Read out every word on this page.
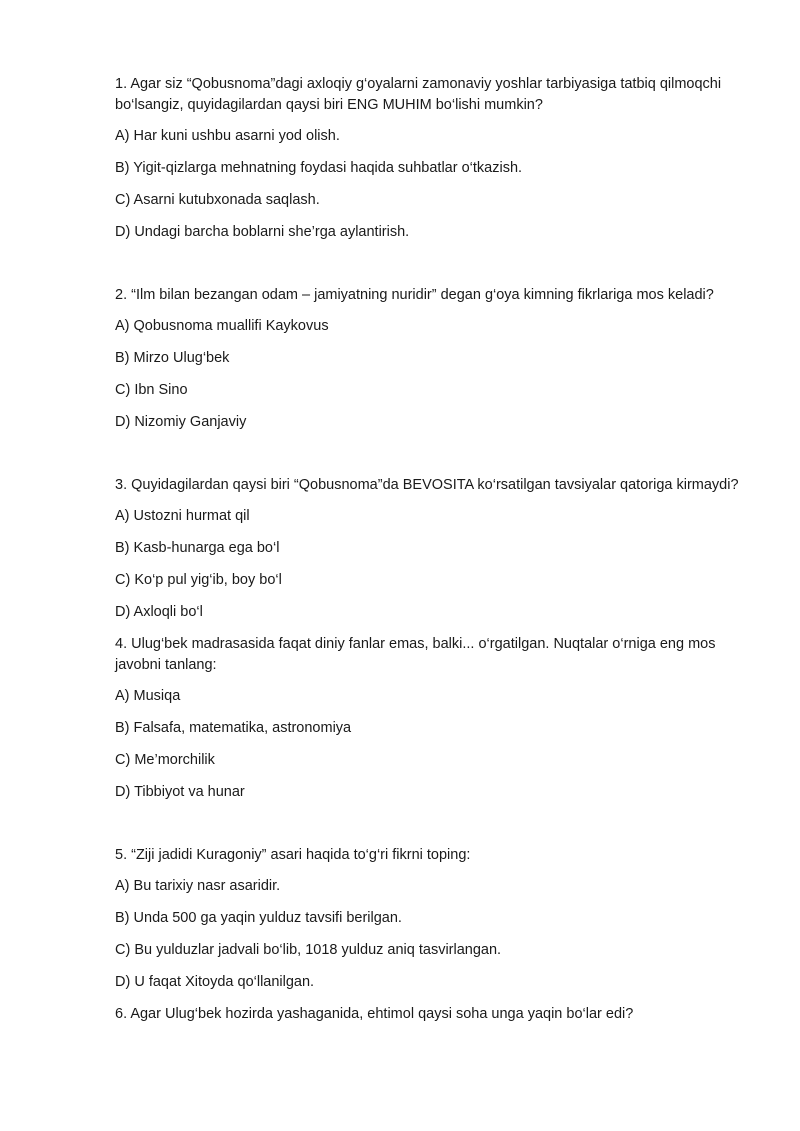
1. Agar siz “Qobusnoma”dagi axloqiy g‘oyalarni zamonaviy yoshlar tarbiyasiga tatbiq qilmoqchi bo‘lsangiz, quyidagilardan qaysi biri ENG MUHIM bo‘lishi mumkin?

A) Har kuni ushbu asarni yod olish.

B) Yigit-qizlarga mehnatning foydasi haqida suhbatlar o‘tkazish.

C) Asarni kutubxonada saqlash.

D) Undagi barcha boblarni she’rga aylantirish.

2. “Ilm bilan bezangan odam – jamiyatning nuridir” degan g‘oya kimning fikrlariga mos keladi?

A) Qobusnoma muallifi Kaykovus

B) Mirzo Ulug‘bek

C) Ibn Sino

D) Nizomiy Ganjaviy

3. Quyidagilardan qaysi biri “Qobusnoma”da BEVOSITA ko‘rsatilgan tavsiyalar qatoriga kirmaydi?

A) Ustozni hurmat qil

B) Kasb-hunarga ega bo‘l

C) Ko‘p pul yig‘ib, boy bo‘l

D) Axloqli bo‘l

4. Ulug‘bek madrasasida faqat diniy fanlar emas, balki... o‘rgatilgan. Nuqtalar o‘rniga eng mos javobni tanlang:

A) Musiqa

B) Falsafa, matematika, astronomiya

C) Me’morchilik

D) Tibbiyot va hunar

5. “Ziji jadidi Kuragoniy” asari haqida to‘g‘ri fikrni toping:

A) Bu tarixiy nasr asaridir.

B) Unda 500 ga yaqin yulduz tavsifi berilgan.

C) Bu yulduzlar jadvali bo‘lib, 1018 yulduz aniq tasvirlangan.

D) U faqat Xitoyda qo‘llanilgan.

6. Agar Ulug‘bek hozirda yashaganida, ehtimol qaysi soha unga yaqin bo‘lar edi?
